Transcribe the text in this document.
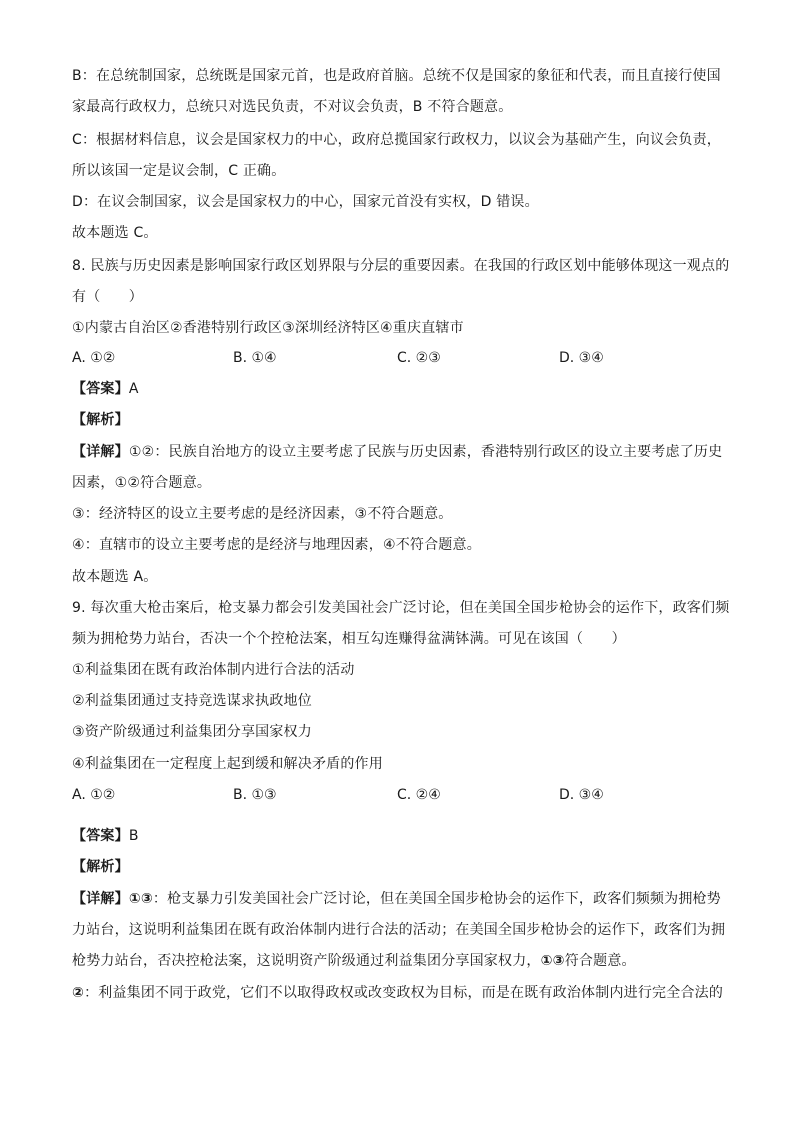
B：在总统制国家，总统既是国家元首，也是政府首脑。总统不仅是国家的象征和代表，而且直接行使国
家最高行政权力，总统只对选民负责，不对议会负责，B 不符合题意。
C：根据材料信息，议会是国家权力的中心，政府总揽国家行政权力，以议会为基础产生，向议会负责，
所以该国一定是议会制，C 正确。
D：在议会制国家，议会是国家权力的中心，国家元首没有实权，D 错误。
故本题选 C。
8. 民族与历史因素是影响国家行政区划界限与分层的重要因素。在我国的行政区划中能够体现这一观点的
有（　　）
①内蒙古自治区②香港特别行政区③深圳经济特区④重庆直辖市
A. ①②	B. ①④	C. ②③	D. ③④
【答案】A
【解析】
【详解】①②：民族自治地方的设立主要考虑了民族与历史因素，香港特别行政区的设立主要考虑了历史
因素，①②符合题意。
③：经济特区的设立主要考虑的是经济因素，③不符合题意。
④：直辖市的设立主要考虑的是经济与地理因素，④不符合题意。
故本题选 A。
9. 每次重大枪击案后，枪支暴力都会引发美国社会广泛讨论，但在美国全国步枪协会的运作下，政客们频
频为拥枪势力站台，否决一个个控枪法案，相互勾连赚得盆满钵满。可见在该国（　　）
①利益集团在既有政治体制内进行合法的活动
②利益集团通过支持竞选谋求执政地位
③资产阶级通过利益集团分享国家权力
④利益集团在一定程度上起到缓和解决矛盾的作用
A. ①②	B. ①③	C. ②④	D. ③④
【答案】B
【解析】
【详解】①③：枪支暴力引发美国社会广泛讨论，但在美国全国步枪协会的运作下，政客们频频为拥枪势
力站台，这说明利益集团在既有政治体制内进行合法的活动；在美国全国步枪协会的运作下，政客们为拥
枪势力站台，否决控枪法案，这说明资产阶级通过利益集团分享国家权力，①③符合题意。
②：利益集团不同于政党，它们不以取得政权或改变政权为目标，而是在既有政治体制内进行完全合法的
